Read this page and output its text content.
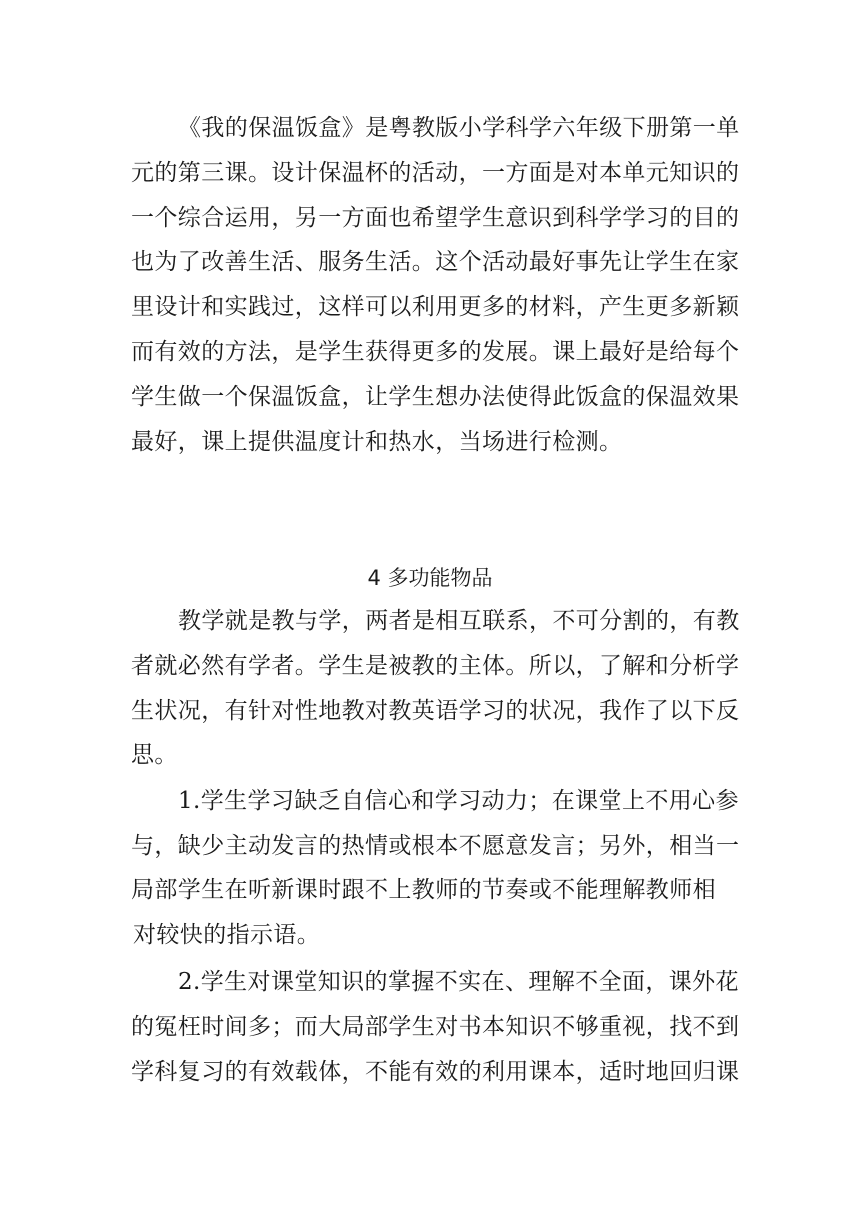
《我的保温饭盒》是粤教版小学科学六年级下册第一单
元的第三课。设计保温杯的活动，一方面是对本单元知识的
一个综合运用，另一方面也希望学生意识到科学学习的目的
也为了改善生活、服务生活。这个活动最好事先让学生在家
里设计和实践过，这样可以利用更多的材料，产生更多新颖
而有效的方法，是学生获得更多的发展。课上最好是给每个
学生做一个保温饭盒，让学生想办法使得此饭盒的保温效果
最好，课上提供温度计和热水，当场进行检测。
4 多功能物品
教学就是教与学，两者是相互联系，不可分割的，有教
者就必然有学者。学生是被教的主体。所以，了解和分析学
生状况，有针对性地教对教英语学习的状况，我作了以下反
思。
1.学生学习缺乏自信心和学习动力；在课堂上不用心参
与，缺少主动发言的热情或根本不愿意发言；另外，相当一
局部学生在听新课时跟不上教师的节奏或不能理解教师相
对较快的指示语。
2.学生对课堂知识的掌握不实在、理解不全面，课外花
的冤枉时间多；而大局部学生对书本知识不够重视，找不到
学科复习的有效载体，不能有效的利用课本，适时地回归课
